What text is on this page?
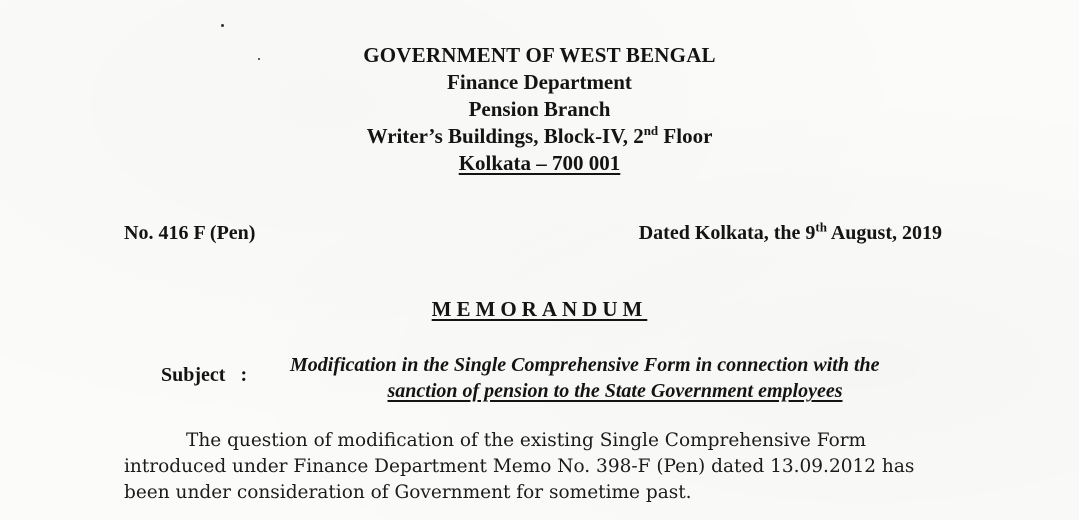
GOVERNMENT OF WEST BENGAL
Finance Department
Pension Branch
Writer’s Buildings, Block-IV, 2nd Floor
Kolkata – 700 001
No. 416 F (Pen)	Dated Kolkata, the 9th August, 2019
MEMORANDUM
Subject   : Modification in the Single Comprehensive Form in connection with the
sanction of pension to the State Government employees
The question of modification of the existing Single Comprehensive Form
introduced under Finance Department Memo No. 398-F (Pen) dated 13.09.2012 has
been under consideration of Government for sometime past.
